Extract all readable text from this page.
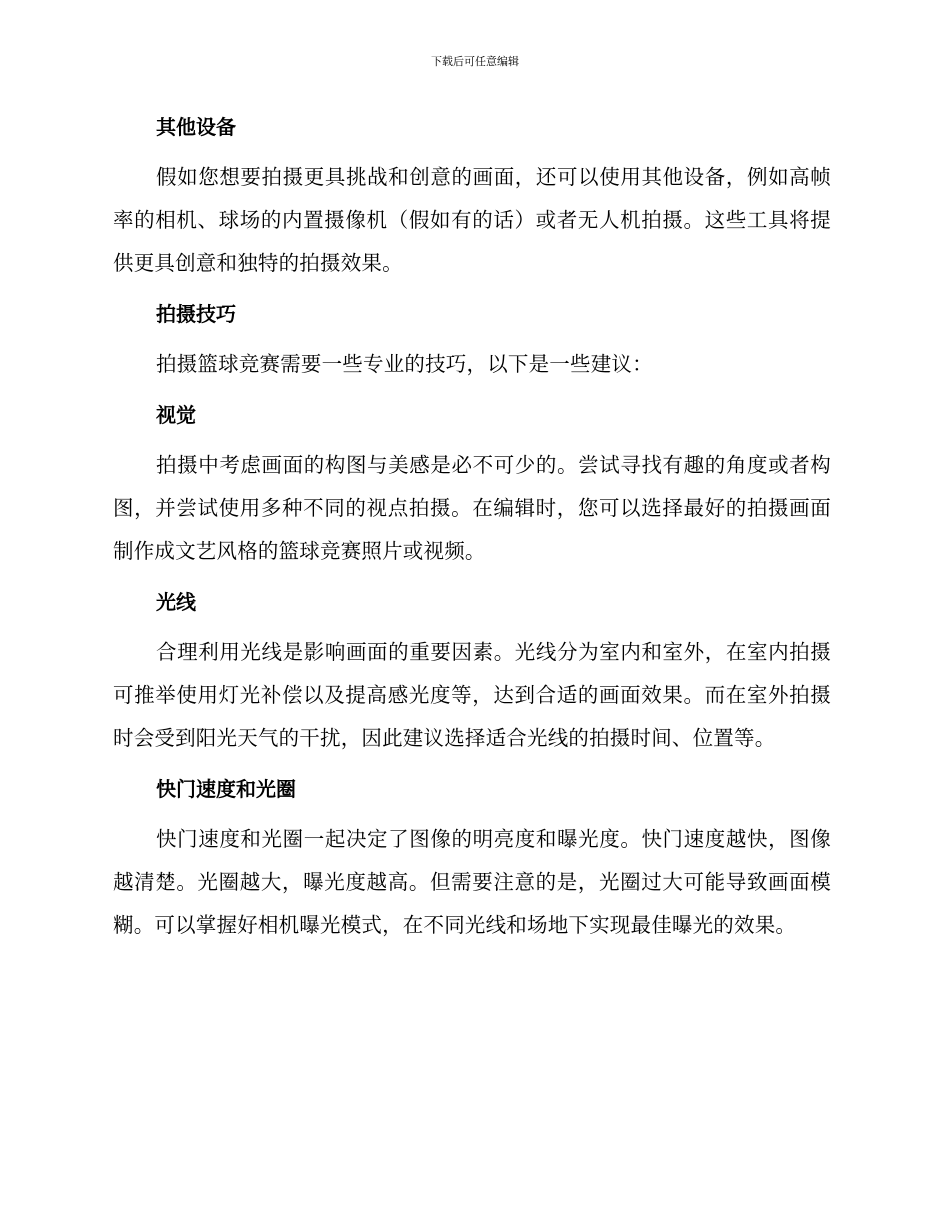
下载后可任意编辑
其他设备

假如您想要拍摄更具挑战和创意的画面，还可以使用其他设备，例如高帧率的相机、球场的内置摄像机（假如有的话）或者无人机拍摄。这些工具将提供更具创意和独特的拍摄效果。

拍摄技巧

拍摄篮球竞赛需要一些专业的技巧，以下是一些建议：

视觉

拍摄中考虑画面的构图与美感是必不可少的。尝试寻找有趣的角度或者构图，并尝试使用多种不同的视点拍摄。在编辑时，您可以选择最好的拍摄画面制作成文艺风格的篮球竞赛照片或视频。

光线

合理利用光线是影响画面的重要因素。光线分为室内和室外，在室内拍摄可推举使用灯光补偿以及提高感光度等，达到合适的画面效果。而在室外拍摄时会受到阳光天气的干扰，因此建议选择适合光线的拍摄时间、位置等。

快门速度和光圈

快门速度和光圈一起决定了图像的明亮度和曝光度。快门速度越快，图像越清楚。光圈越大，曝光度越高。但需要注意的是，光圈过大可能导致画面模糊。可以掌握好相机曝光模式，在不同光线和场地下实现最佳曝光的效果。
